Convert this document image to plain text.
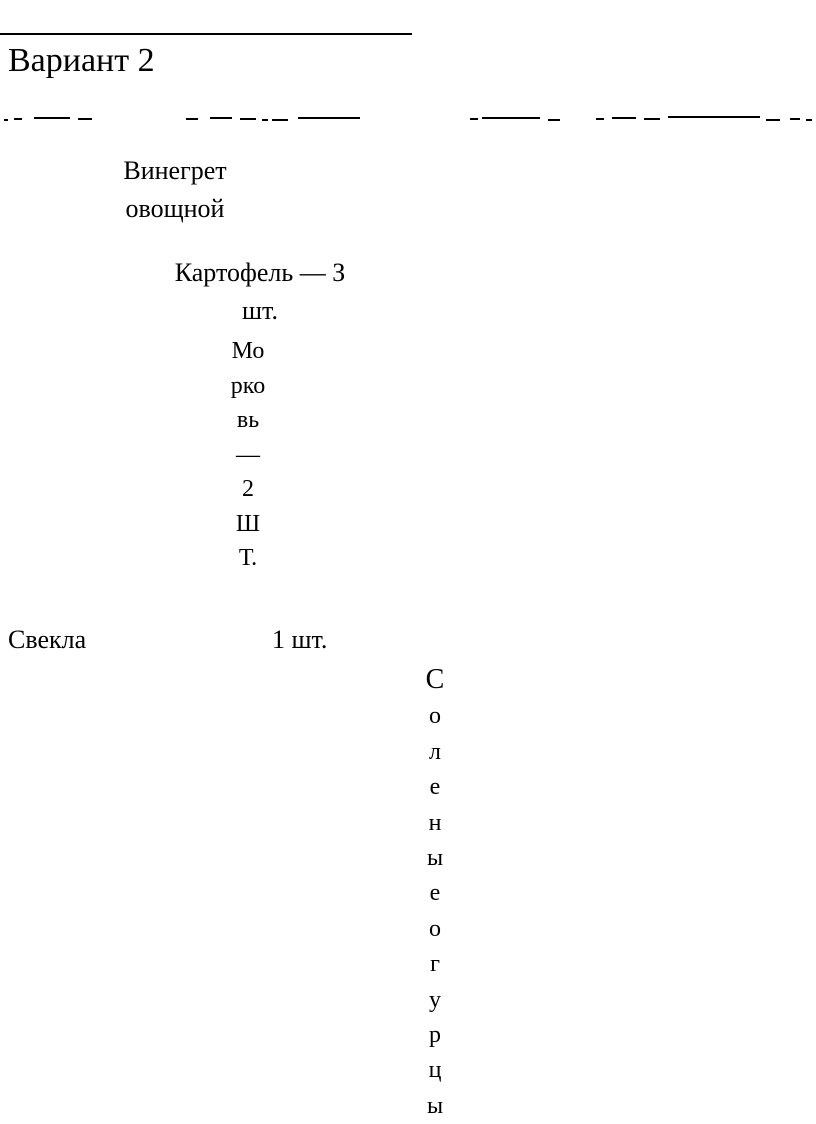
Вариант 2

Винегрет овощной

Картофель — З шт.

Мо
рко
вь
—
2
Ш
Т.

Свекла	1 шт.

С
о
л
е
н
ы
е
о
г
у
р
ц
ы
